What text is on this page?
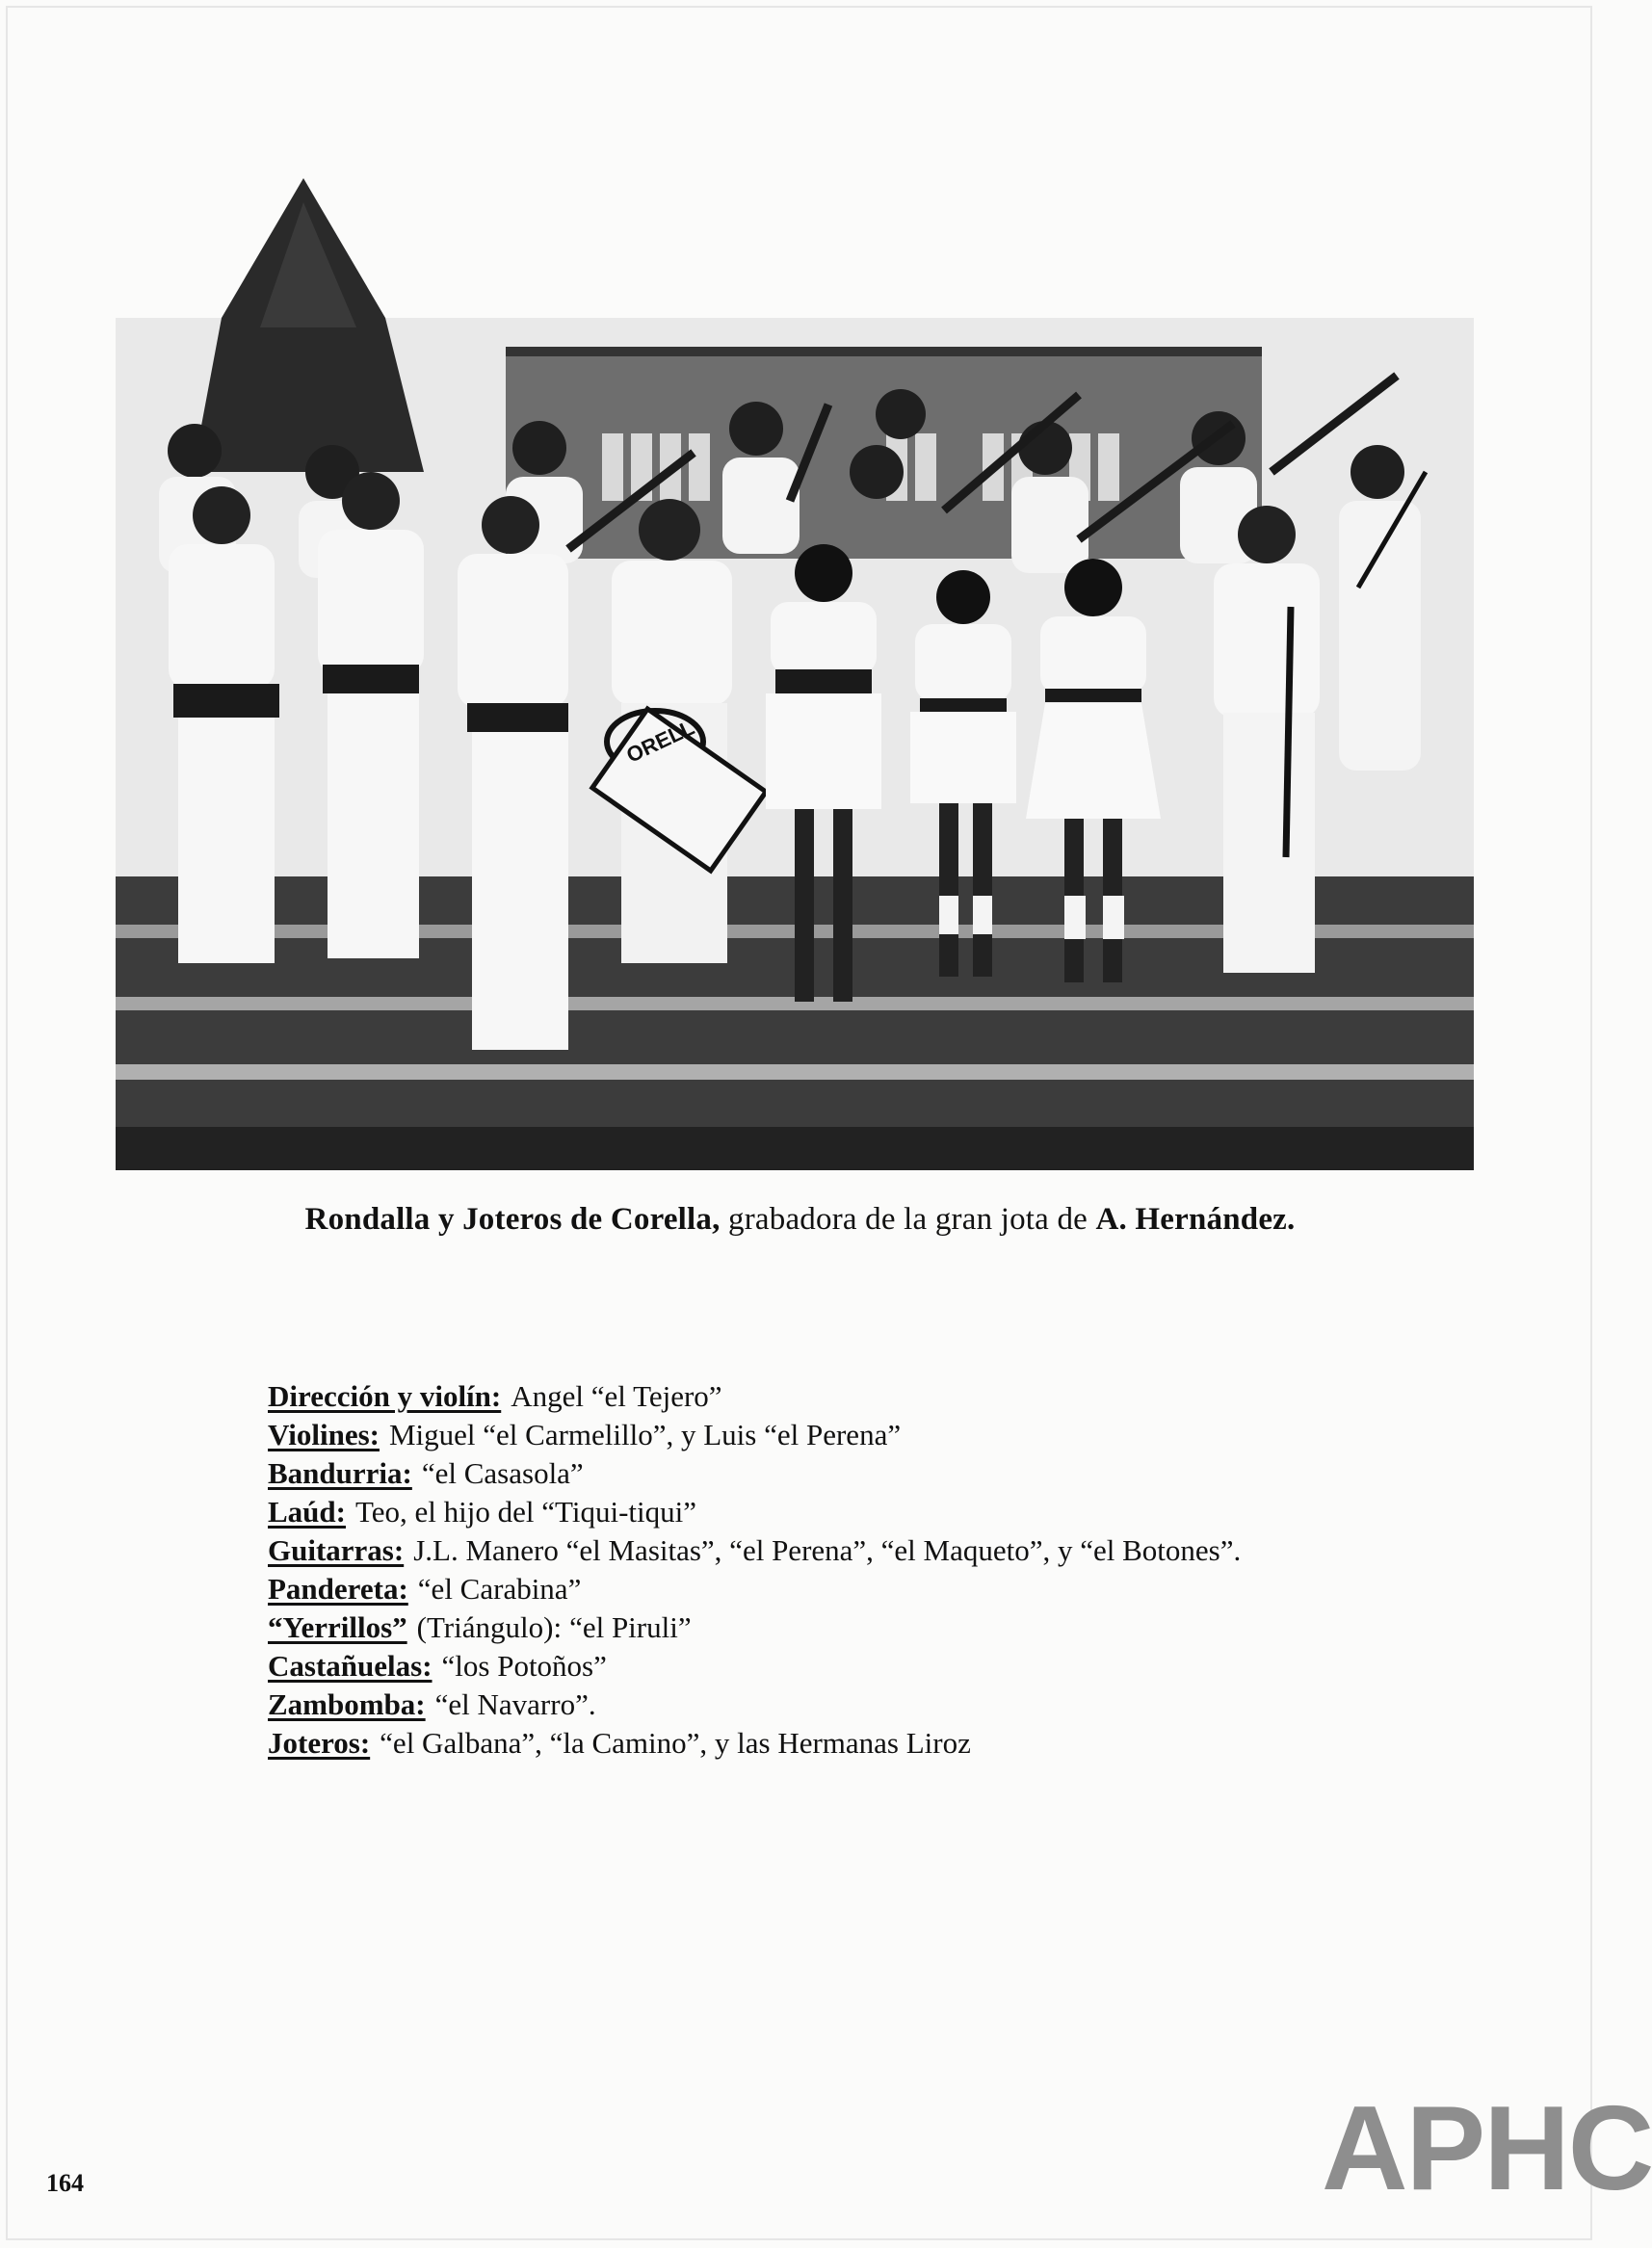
ORELL
Rondalla y Joteros de Corella, grabadora de la gran jota de A. Hernández.
Dirección y violín: Angel “el Tejero”
Violines: Miguel “el Carmelillo”, y Luis “el Perena”
Bandurria: “el Casasola”
Laúd: Teo, el hijo del “Tiqui-tiqui”
Guitarras: J.L. Manero “el Masitas”, “el Perena”, “el Maqueto”, y “el Botones”.
Pandereta: “el Carabina”
“Yerrillos” (Triángulo): “el Piruli”
Castañuelas: “los Potoños”
Zambomba: “el Navarro”.
Joteros: “el Galbana”, “la Camino”, y las Hermanas Liroz
164	APHC
